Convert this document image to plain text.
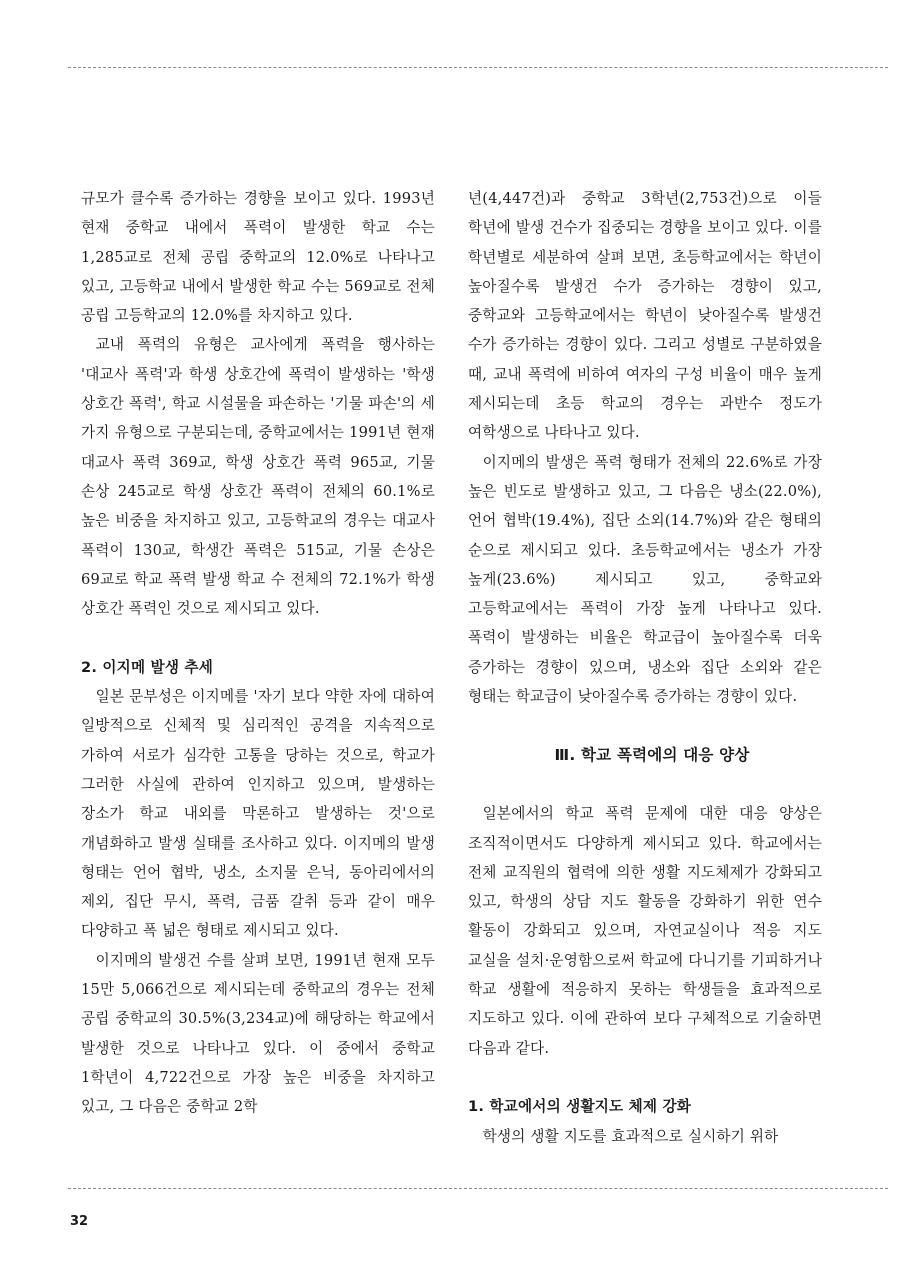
규모가 클수록 증가하는 경향을 보이고 있다. 1993년 현재 중학교 내에서 폭력이 발생한 학교 수는 1,285교로 전체 공립 중학교의 12.0%로 나타나고 있고, 고등학교 내에서 발생한 학교 수는 569교로 전체 공립 고등학교의 12.0%를 차지하고 있다.

교내 폭력의 유형은 교사에게 폭력을 행사하는 '대교사 폭력'과 학생 상호간에 폭력이 발생하는 '학생 상호간 폭력', 학교 시설물을 파손하는 '기물 파손'의 세 가지 유형으로 구분되는데, 중학교에서는 1991년 현재 대교사 폭력 369교, 학생 상호간 폭력 965교, 기물 손상 245교로 학생 상호간 폭력이 전체의 60.1%로 높은 비중을 차지하고 있고, 고등학교의 경우는 대교사 폭력이 130교, 학생간 폭력은 515교, 기물 손상은 69교로 학교 폭력 발생 학교 수 전체의 72.1%가 학생 상호간 폭력인 것으로 제시되고 있다.

2. 이지메 발생 추세

일본 문부성은 이지메를 '자기 보다 약한 자에 대하여 일방적으로 신체적 및 심리적인 공격을 지속적으로 가하여 서로가 심각한 고통을 당하는 것으로, 학교가 그러한 사실에 관하여 인지하고 있으며, 발생하는 장소가 학교 내외를 막론하고 발생하는 것'으로 개념화하고 발생 실태를 조사하고 있다. 이지메의 발생 형태는 언어 협박, 냉소, 소지물 은닉, 동아리에서의 제외, 집단 무시, 폭력, 금품 갈취 등과 같이 매우 다양하고 폭 넓은 형태로 제시되고 있다.

이지메의 발생건 수를 살펴 보면, 1991년 현재 모두 15만 5,066건으로 제시되는데 중학교의 경우는 전체 공립 중학교의 30.5%(3,234교)에 해당하는 학교에서 발생한 것으로 나타나고 있다. 이 중에서 중학교 1학년이 4,722건으로 가장 높은 비중을 차지하고 있고, 그 다음은 중학교 2학

년(4,447건)과 중학교 3학년(2,753건)으로 이들 학년에 발생 건수가 집중되는 경향을 보이고 있다. 이를 학년별로 세분하여 살펴 보면, 초등학교에서는 학년이 높아질수록 발생건 수가 증가하는 경향이 있고, 중학교와 고등학교에서는 학년이 낮아질수록 발생건 수가 증가하는 경향이 있다. 그리고 성별로 구분하였을 때, 교내 폭력에 비하여 여자의 구성 비율이 매우 높게 제시되는데 초등 학교의 경우는 과반수 정도가 여학생으로 나타나고 있다.

이지메의 발생은 폭력 형태가 전체의 22.6%로 가장 높은 빈도로 발생하고 있고, 그 다음은 냉소(22.0%), 언어 협박(19.4%), 집단 소외(14.7%)와 같은 형태의 순으로 제시되고 있다. 초등학교에서는 냉소가 가장 높게(23.6%) 제시되고 있고, 중학교와 고등학교에서는 폭력이 가장 높게 나타나고 있다. 폭력이 발생하는 비율은 학교급이 높아질수록 더욱 증가하는 경향이 있으며, 냉소와 집단 소외와 같은 형태는 학교급이 낮아질수록 증가하는 경향이 있다.

Ⅲ. 학교 폭력에의 대응 양상

일본에서의 학교 폭력 문제에 대한 대응 양상은 조직적이면서도 다양하게 제시되고 있다. 학교에서는 전체 교직원의 협력에 의한 생활 지도체제가 강화되고 있고, 학생의 상담 지도 활동을 강화하기 위한 연수 활동이 강화되고 있으며, 자연교실이나 적응 지도 교실을 설치·운영함으로써 학교에 다니기를 기피하거나 학교 생활에 적응하지 못하는 학생들을 효과적으로 지도하고 있다. 이에 관하여 보다 구체적으로 기술하면 다음과 같다.

1. 학교에서의 생활지도 체제 강화

학생의 생활 지도를 효과적으로 실시하기 위하

32
